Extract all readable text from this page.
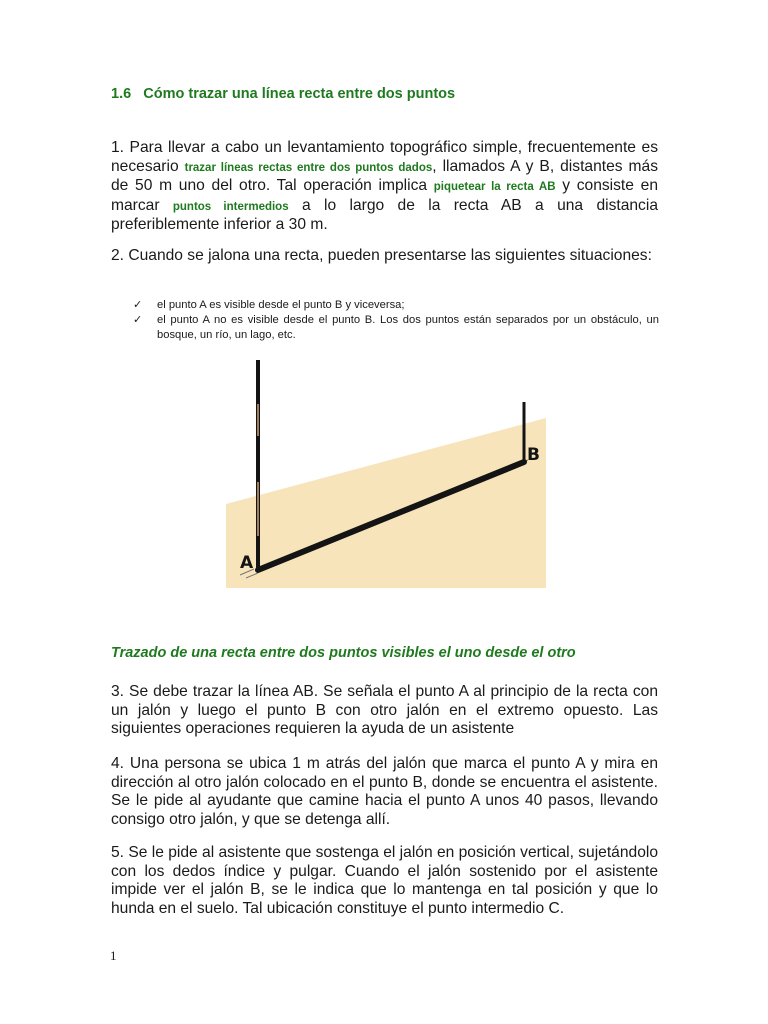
1.6 Cómo trazar una línea recta entre dos puntos
1. Para llevar a cabo un levantamiento topográfico simple, frecuentemente es necesario trazar líneas rectas entre dos puntos dados, llamados A y B, distantes más de 50 m uno del otro. Tal operación implica piquetear la recta AB y consiste en marcar puntos intermedios a lo largo de la recta AB a una distancia preferiblemente inferior a 30 m.
2. Cuando se jalona una recta, pueden presentarse las siguientes situaciones:
✓ el punto A es visible desde el punto B y viceversa;
✓ el punto A no es visible desde el punto B. Los dos puntos están separados por un obstáculo, un bosque, un río, un lago, etc.
A
B
Trazado de una recta entre dos puntos visibles el uno desde el otro
3. Se debe trazar la línea AB. Se señala el punto A al principio de la recta con un jalón y luego el punto B con otro jalón en el extremo opuesto. Las siguientes operaciones requieren la ayuda de un asistente
4. Una persona se ubica 1 m atrás del jalón que marca el punto A y mira en dirección al otro jalón colocado en el punto B, donde se encuentra el asistente. Se le pide al ayudante que camine hacia el punto A unos 40 pasos, llevando consigo otro jalón, y que se detenga allí.
5. Se le pide al asistente que sostenga el jalón en posición vertical, sujetándolo con los dedos índice y pulgar. Cuando el jalón sostenido por el asistente impide ver el jalón B, se le indica que lo mantenga en tal posición y que lo hunda en el suelo. Tal ubicación constituye el punto intermedio C.
1
